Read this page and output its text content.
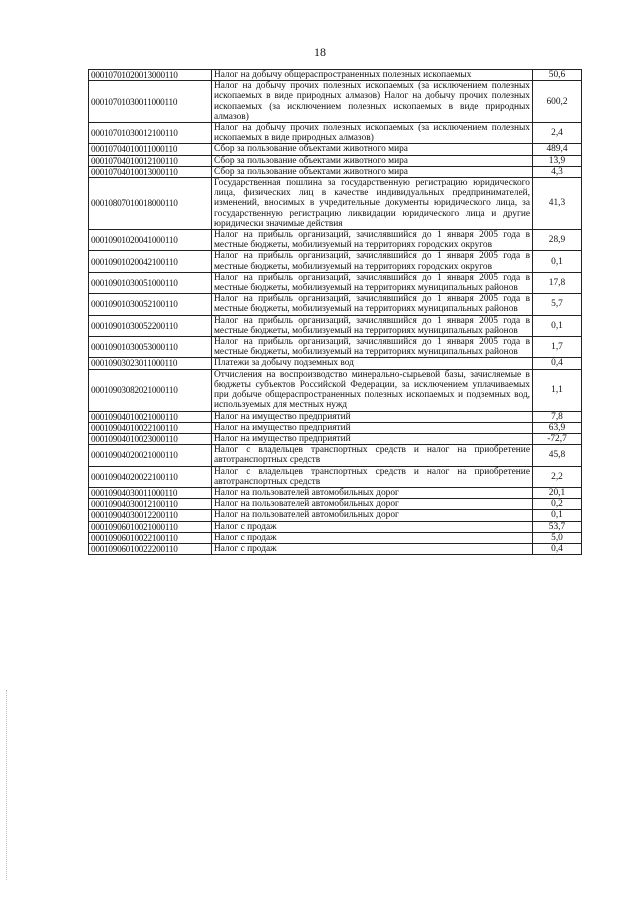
18
00010701020013000110	Налог на добычу общераспространенных полезных ископаемых	50,6
00010701030011000110	Налог на добычу прочих полезных ископаемых (за исключением полезных ископаемых в виде природных алмазов) Налог на добычу прочих полезных ископаемых (за исключением полезных ископаемых в виде природных алмазов)	600,2
00010701030012100110	Налог на добычу прочих полезных ископаемых (за исключением полезных ископаемых в виде природных алмазов)	2,4
00010704010011000110	Сбор за пользование объектами животного мира	489,4
00010704010012100110	Сбор за пользование объектами животного мира	13,9
00010704010013000110	Сбор за пользование объектами животного мира	4,3
00010807010018000110	Государственная пошлина за государственную регистрацию юридического лица, физических лиц в качестве индивидуальных предпринимателей, изменений, вносимых в учредительные документы юридического лица, за государственную регистрацию ликвидации юридического лица и другие юридически значимые действия	41,3
00010901020041000110	Налог на прибыль организаций, зачислявшийся до 1 января 2005 года в местные бюджеты, мобилизуемый на территориях городских округов	28,9
00010901020042100110	Налог на прибыль организаций, зачислявшийся до 1 января 2005 года в местные бюджеты, мобилизуемый на территориях городских округов	0,1
00010901030051000110	Налог на прибыль организаций, зачислявшийся до 1 января 2005 года в местные бюджеты, мобилизуемый на территориях муниципальных районов	17,8
00010901030052100110	Налог на прибыль организаций, зачислявшийся до 1 января 2005 года в местные бюджеты, мобилизуемый на территориях муниципальных районов	5,7
00010901030052200110	Налог на прибыль организаций, зачислявшийся до 1 января 2005 года в местные бюджеты, мобилизуемый на территориях муниципальных районов	0,1
00010901030053000110	Налог на прибыль организаций, зачислявшийся до 1 января 2005 года в местные бюджеты, мобилизуемый на территориях муниципальных районов	1,7
00010903023011000110	Платежи за добычу подземных вод	0,4
00010903082021000110	Отчисления на воспроизводство минерально-сырьевой базы, зачисляемые в бюджеты субъектов Российской Федерации, за исключением уплачиваемых при добыче общераспространенных полезных ископаемых и подземных вод, используемых для местных нужд	1,1
00010904010021000110	Налог на имущество предприятий	7,8
00010904010022100110	Налог на имущество предприятий	63,9
00010904010023000110	Налог на имущество предприятий	-72,7
00010904020021000110	Налог с владельцев транспортных средств и налог на приобретение автотранспортных средств	45,8
00010904020022100110	Налог с владельцев транспортных средств и налог на приобретение автотранспортных средств	2,2
00010904030011000110	Налог на пользователей автомобильных дорог	20,1
00010904030012100110	Налог на пользователей автомобильных дорог	0,2
00010904030012200110	Налог на пользователей автомобильных дорог	0,1
00010906010021000110	Налог с продаж	53,7
00010906010022100110	Налог с продаж	5,0
00010906010022200110	Налог с продаж	0,4
